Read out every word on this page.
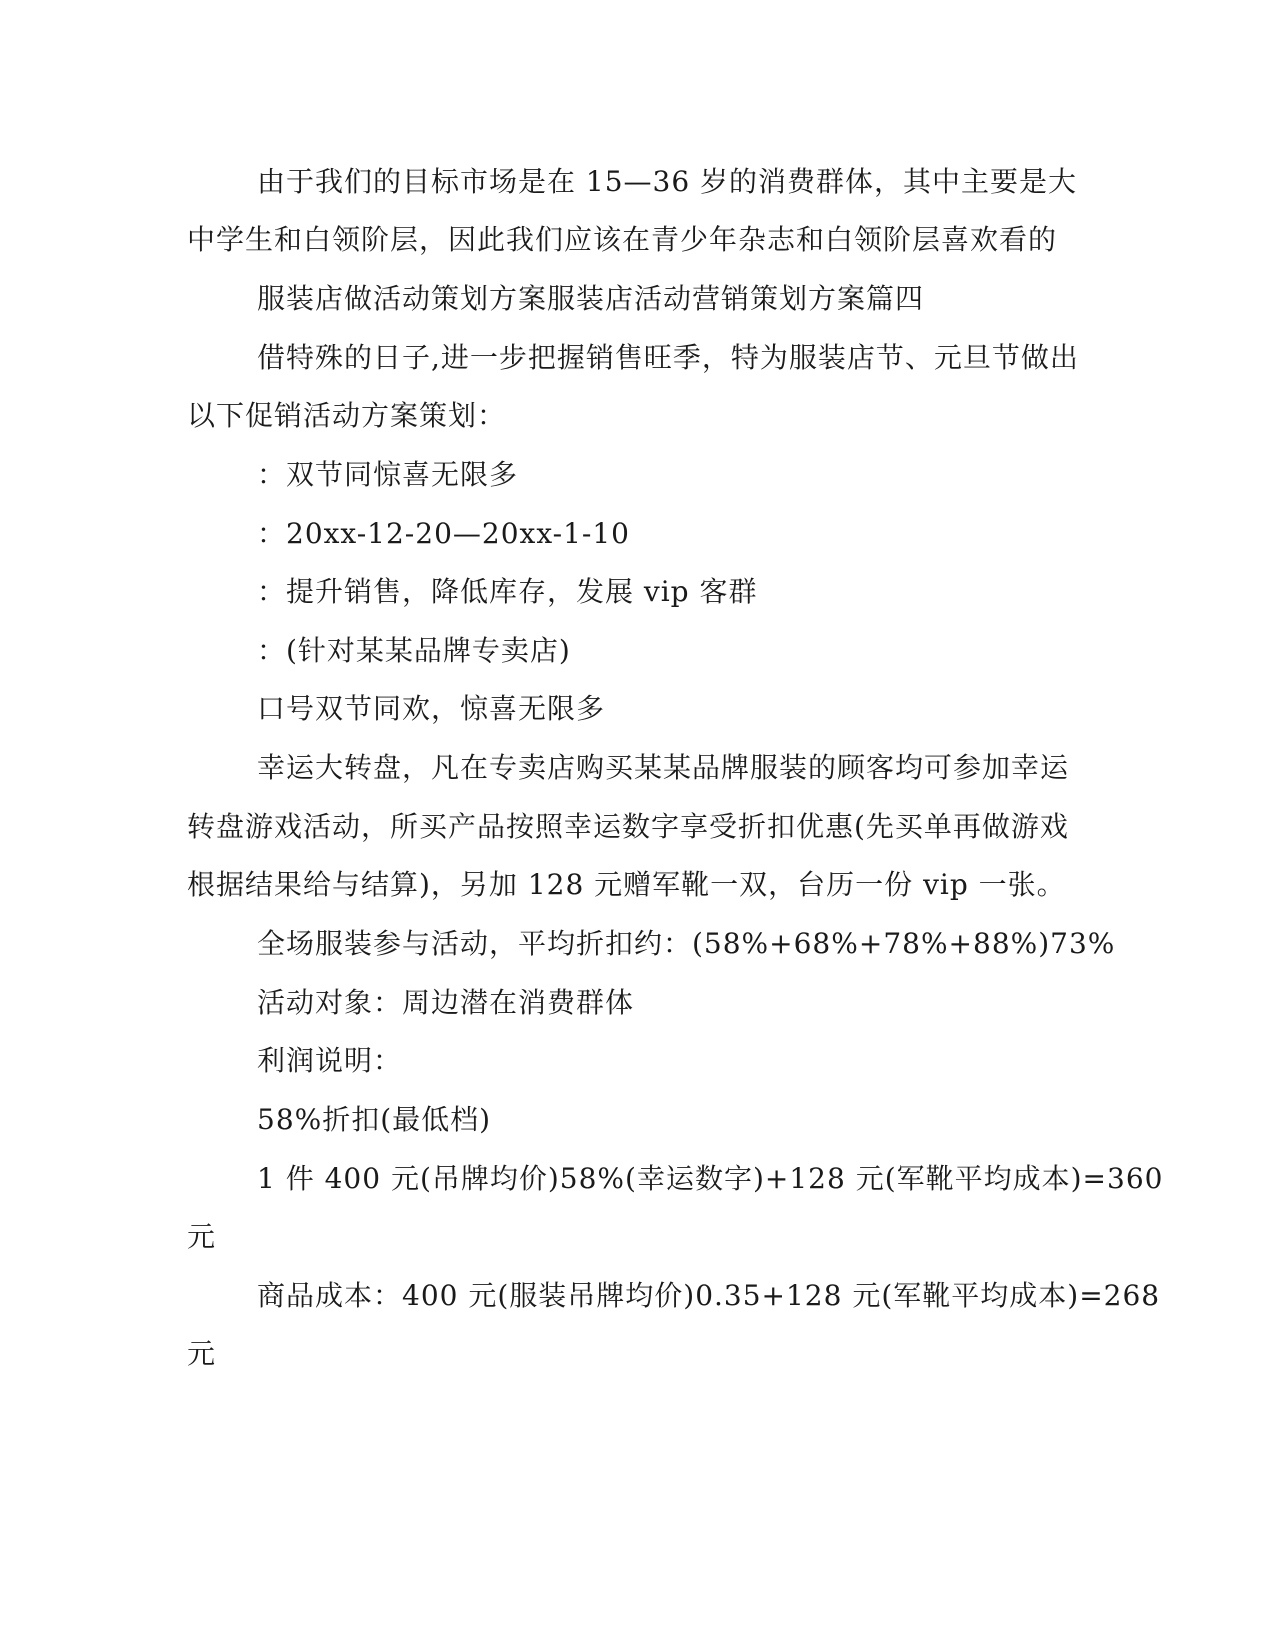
由于我们的目标市场是在 15—36 岁的消费群体，其中主要是大
中学生和白领阶层，因此我们应该在青少年杂志和白领阶层喜欢看的
服装店做活动策划方案服装店活动营销策划方案篇四
借特殊的日子,进一步把握销售旺季，特为服装店节、元旦节做出
以下促销活动方案策划：
：双节同惊喜无限多
：20xx-12-20—20xx-1-10
：提升销售，降低库存，发展 vip 客群
：(针对某某品牌专卖店)
口号双节同欢，惊喜无限多
幸运大转盘，凡在专卖店购买某某品牌服装的顾客均可参加幸运
转盘游戏活动，所买产品按照幸运数字享受折扣优惠(先买单再做游戏
根据结果给与结算)，另加 128 元赠军靴一双，台历一份 vip 一张。
全场服装参与活动，平均折扣约：(58%+68%+78%+88%)73%
活动对象：周边潜在消费群体
利润说明：
58%折扣(最低档)
1 件 400 元(吊牌均价)58%(幸运数字)+128 元(军靴平均成本)=360
元
商品成本：400 元(服装吊牌均价)0.35+128 元(军靴平均成本)=268
元
